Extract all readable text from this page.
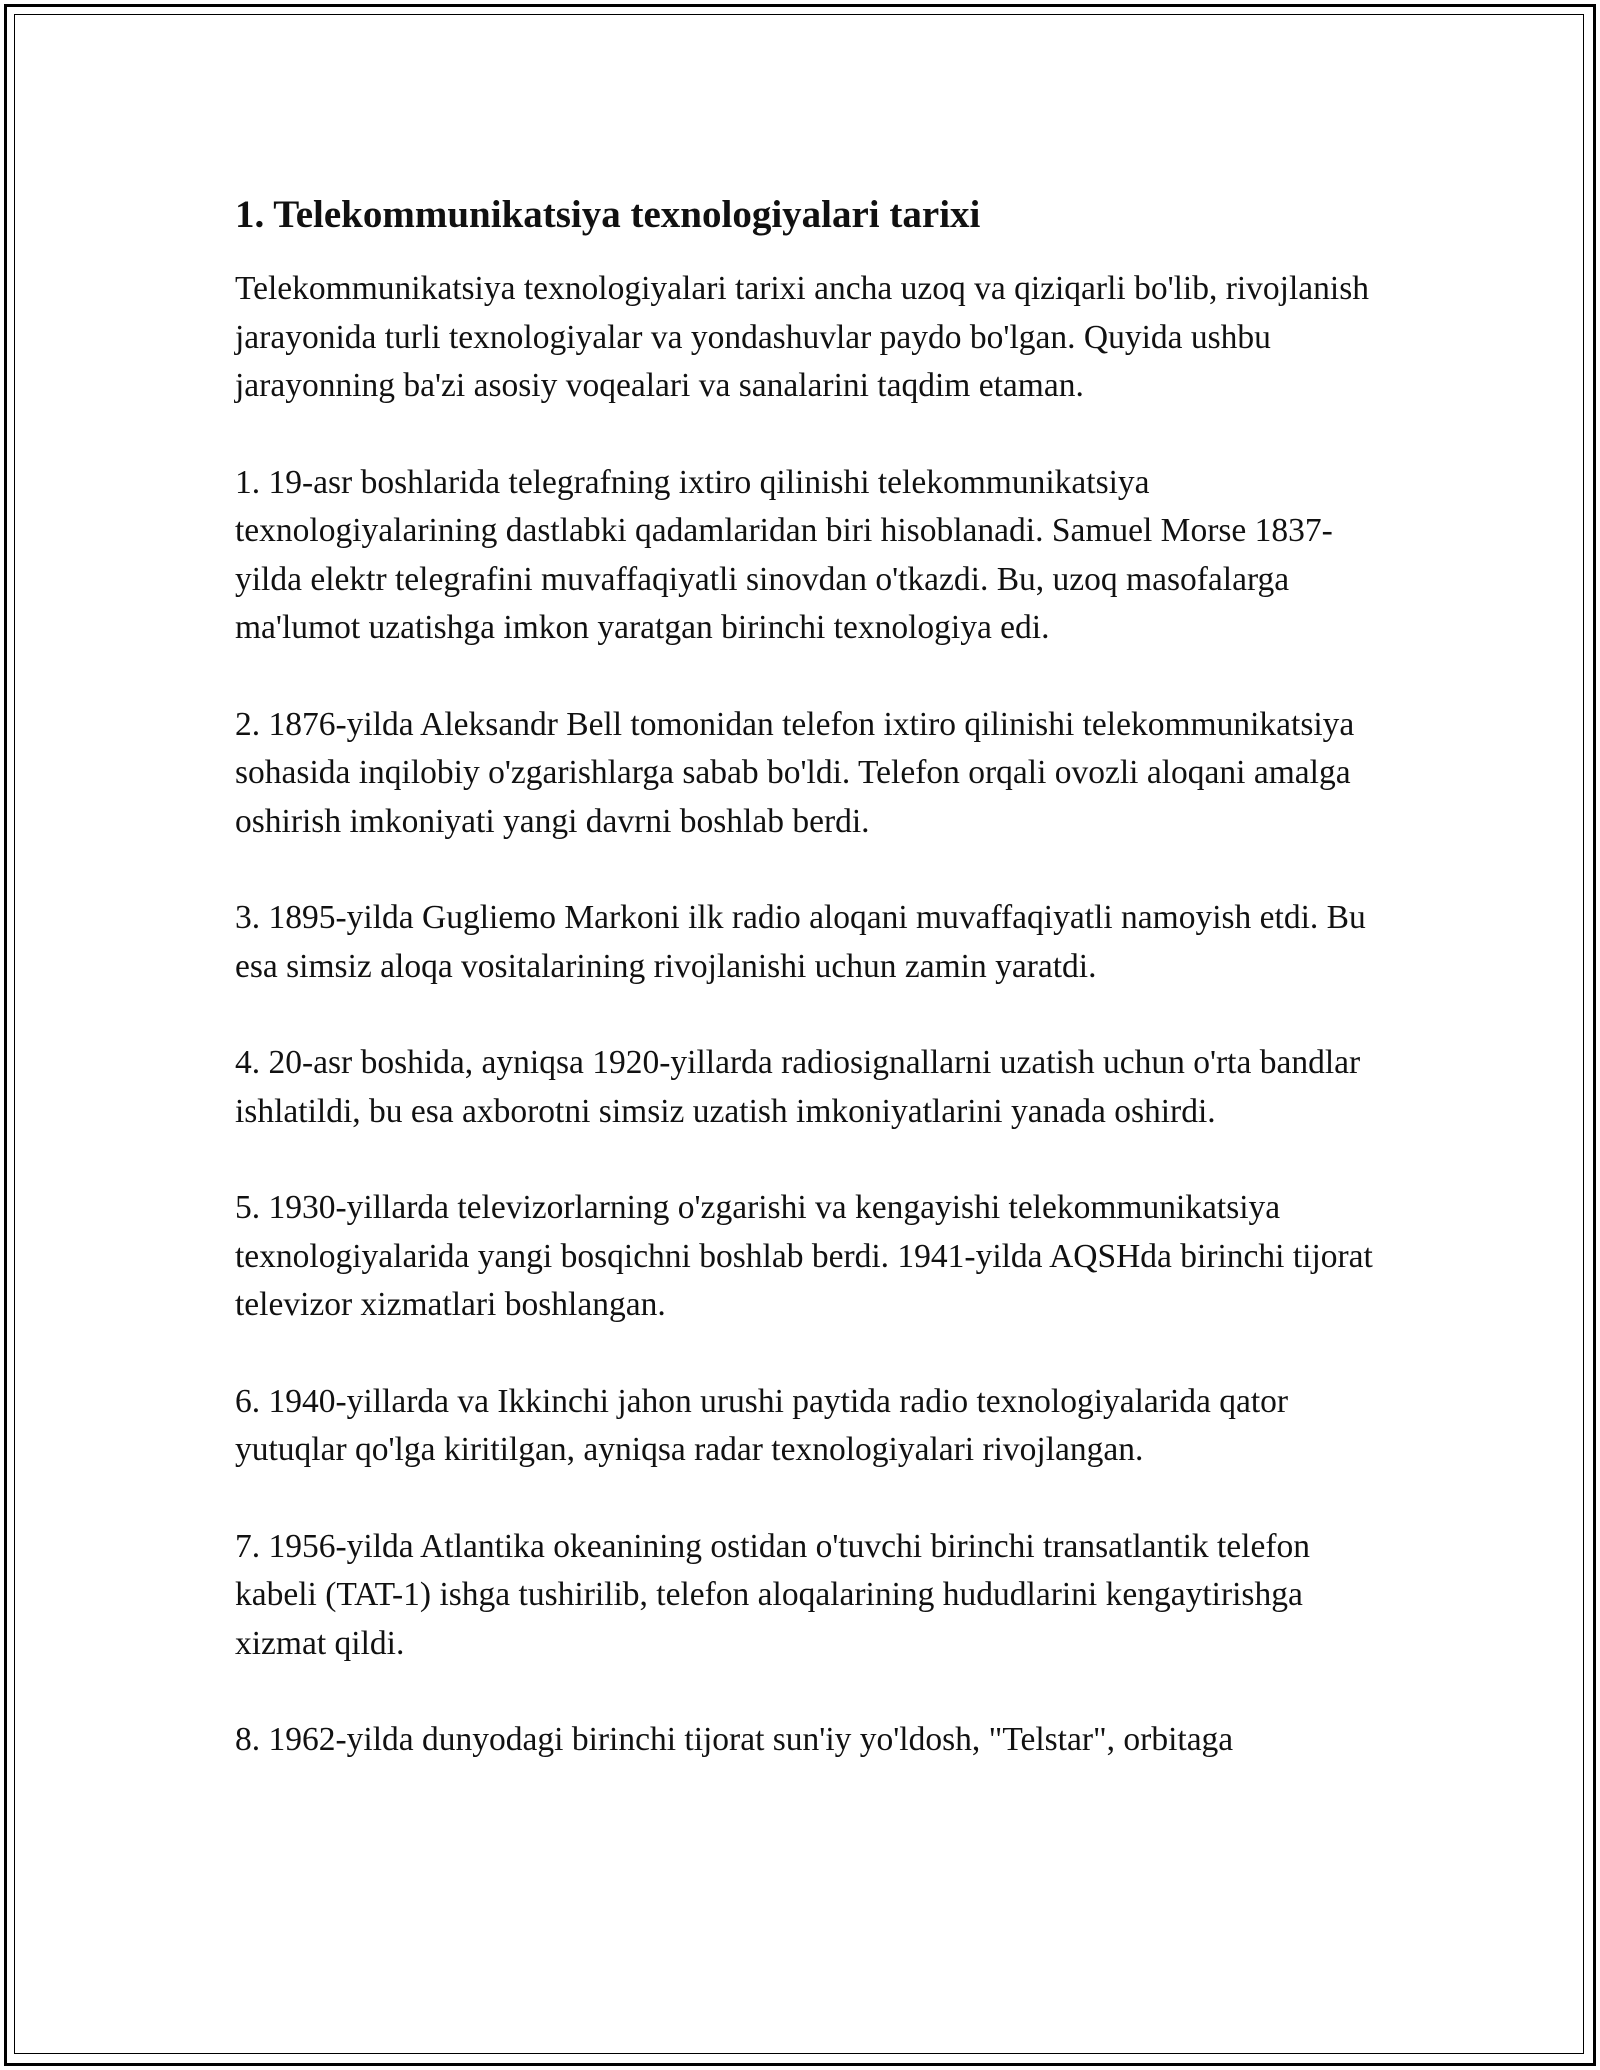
1. Telekommunikatsiya texnologiyalari tarixi

Telekommunikatsiya texnologiyalari tarixi ancha uzoq va qiziqarli bo'lib, rivojlanish jarayonida turli texnologiyalar va yondashuvlar paydo bo'lgan. Quyida ushbu jarayonning ba'zi asosiy voqealari va sanalarini taqdim etaman.

1. 19-asr boshlarida telegrafning ixtiro qilinishi telekommunikatsiya texnologiyalarining dastlabki qadamlaridan biri hisoblanadi. Samuel Morse 1837-yilda elektr telegrafini muvaffaqiyatli sinovdan o'tkazdi. Bu, uzoq masofalarga ma'lumot uzatishga imkon yaratgan birinchi texnologiya edi.

2. 1876-yilda Aleksandr Bell tomonidan telefon ixtiro qilinishi telekommunikatsiya sohasida inqilobiy o'zgarishlarga sabab bo'ldi. Telefon orqali ovozli aloqani amalga oshirish imkoniyati yangi davrni boshlab berdi.

3. 1895-yilda Gugliemo Markoni ilk radio aloqani muvaffaqiyatli namoyish etdi. Bu esa simsiz aloqa vositalarining rivojlanishi uchun zamin yaratdi.

4. 20-asr boshida, ayniqsa 1920-yillarda radiosignallarni uzatish uchun o'rta bandlar ishlatildi, bu esa axborotni simsiz uzatish imkoniyatlarini yanada oshirdi.

5. 1930-yillarda televizorlarning o'zgarishi va kengayishi telekommunikatsiya texnologiyalarida yangi bosqichni boshlab berdi. 1941-yilda AQSHda birinchi tijorat televizor xizmatlari boshlangan.

6. 1940-yillarda va Ikkinchi jahon urushi paytida radio texnologiyalarida qator yutuqlar qo'lga kiritilgan, ayniqsa radar texnologiyalari rivojlangan.

7. 1956-yilda Atlantika okeanining ostidan o'tuvchi birinchi transatlantik telefon kabeli (TAT-1) ishga tushirilib, telefon aloqalarining hududlarini kengaytirishga xizmat qildi.

8. 1962-yilda dunyodagi birinchi tijorat sun'iy yo'ldosh, "Telstar", orbitaga
